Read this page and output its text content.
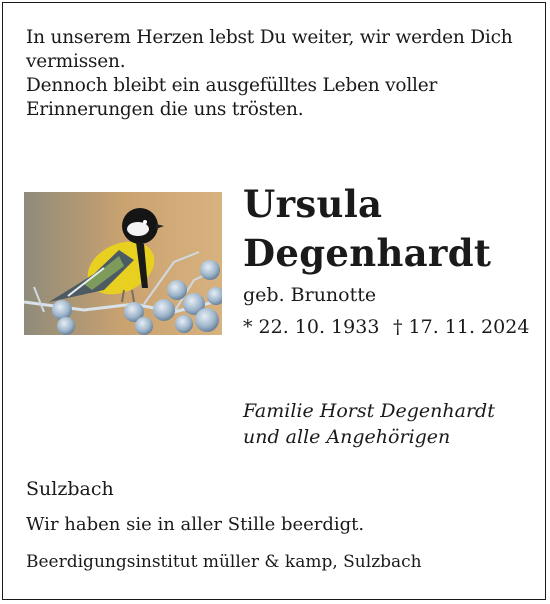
In unserem Herzen lebst Du weiter, wir werden Dich
vermissen.
Dennoch bleibt ein ausgefülltes Leben voller
Erinnerungen die uns trösten.
Ursula
Degenhardt
geb. Brunotte
* 22. 10. 1933 † 17. 11. 2024
Familie Horst Degenhardt
und alle Angehörigen
Sulzbach
Wir haben sie in aller Stille beerdigt.
Beerdigungsinstitut müller & kamp, Sulzbach
